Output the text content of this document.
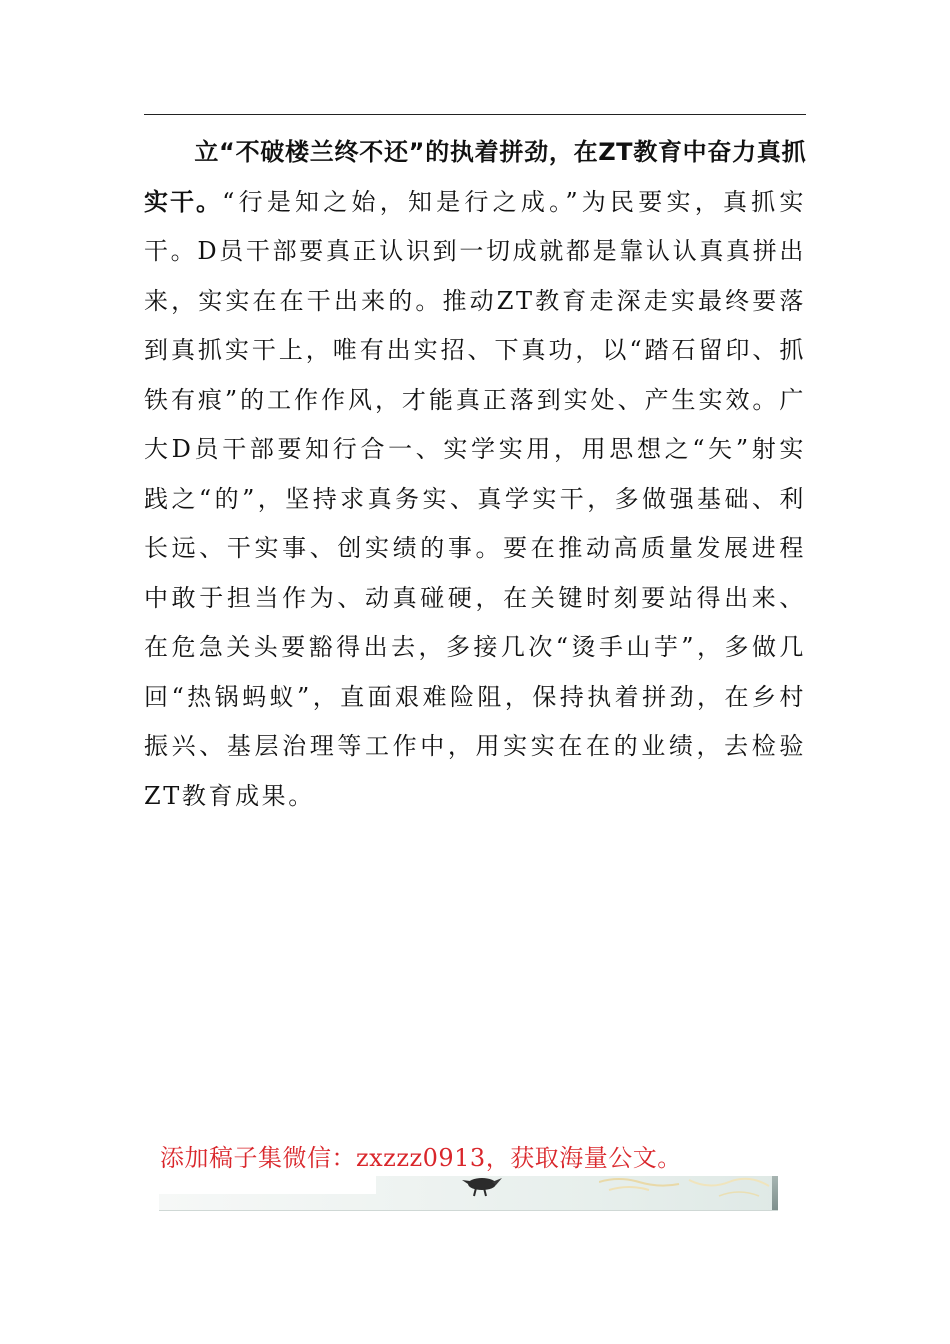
立“不破楼兰终不还”的执着拼劲，在ZT教育中奋力真抓实干。“行是知之始，知是行之成。”为民要实，真抓实干。D员干部要真正认识到一切成就都是靠认认真真拼出来，实实在在干出来的。推动ZT教育走深走实最终要落到真抓实干上，唯有出实招、下真功，以“踏石留印、抓铁有痕”的工作作风，才能真正落到实处、产生实效。广大D员干部要知行合一、实学实用，用思想之“矢”射实践之“的”，坚持求真务实、真学实干，多做强基础、利长远、干实事、创实绩的事。要在推动高质量发展进程中敢于担当作为、动真碰硬，在关键时刻要站得出来、在危急关头要豁得出去，多接几次“烫手山芋”，多做几回“热锅蚂蚁”，直面艰难险阻，保持执着拼劲，在乡村振兴、基层治理等工作中，用实实在在的业绩，去检验ZT教育成果。

添加稿子集微信：zxzzz0913，获取海量公文。
